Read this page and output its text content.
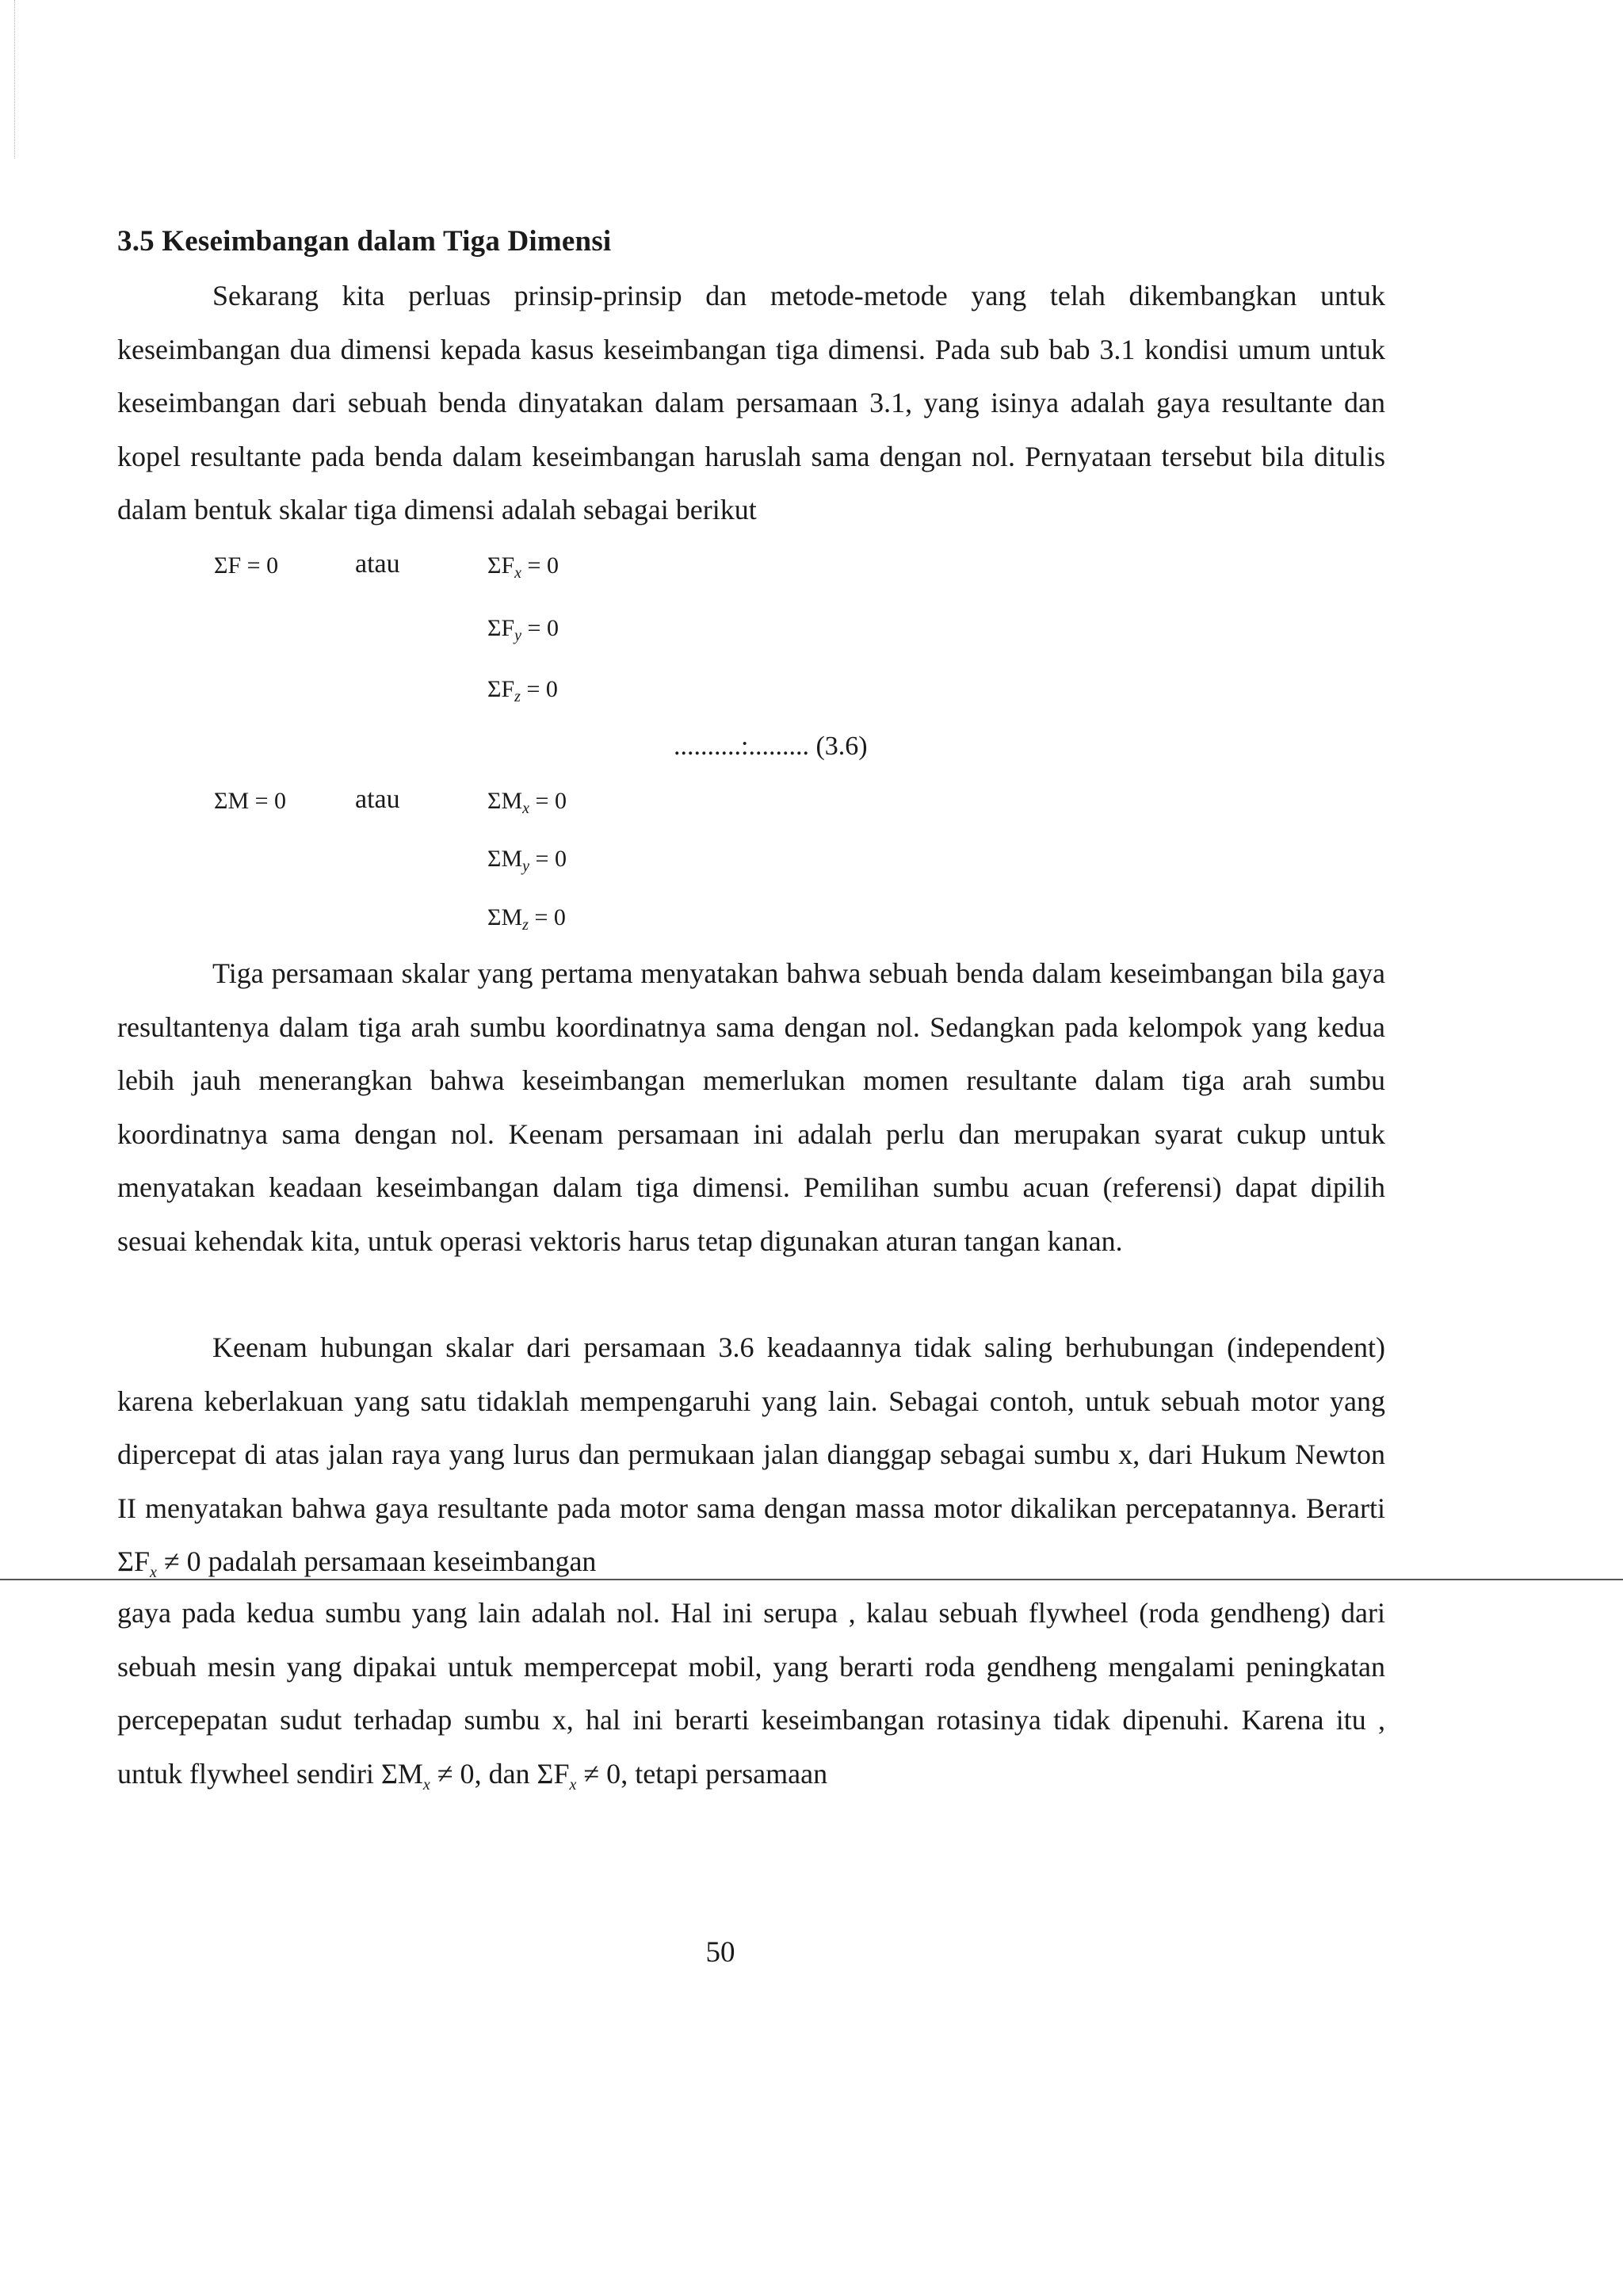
3.5 Keseimbangan dalam Tiga Dimensi

Sekarang kita perluas prinsip-prinsip dan metode-metode yang telah dikembangkan untuk keseimbangan dua dimensi kepada kasus keseimbangan tiga dimensi. Pada sub bab 3.1 kondisi umum untuk keseimbangan dari sebuah benda dinyatakan dalam persamaan 3.1, yang isinya adalah gaya resultante dan kopel resultante pada benda dalam keseimbangan haruslah sama dengan nol. Pernyataan tersebut bila ditulis dalam bentuk skalar tiga dimensi adalah sebagai berikut

ΣF = 0	atau	$\Sigma F_x = 0$
$\Sigma F_y = 0$
$\Sigma F_z = 0$
..........:......... (3.6)
ΣM = 0	atau	$\Sigma M_x = 0$
$\Sigma M_y = 0$
$\Sigma M_z = 0$

Tiga persamaan skalar yang pertama menyatakan bahwa sebuah benda dalam keseimbangan bila gaya resultantenya dalam tiga arah sumbu koordinatnya sama dengan nol. Sedangkan pada kelompok yang kedua lebih jauh menerangkan bahwa keseimbangan memerlukan momen resultante dalam tiga arah sumbu koordinatnya sama dengan nol. Keenam persamaan ini adalah perlu dan merupakan syarat cukup untuk menyatakan keadaan keseimbangan dalam tiga dimensi. Pemilihan sumbu acuan (referensi) dapat dipilih sesuai kehendak kita, untuk operasi vektoris harus tetap digunakan aturan tangan kanan.

Keenam hubungan skalar dari persamaan 3.6 keadaannya tidak saling berhubungan (independent) karena keberlakuan yang satu tidaklah mempengaruhi yang lain. Sebagai contoh, untuk sebuah motor yang dipercepat di atas jalan raya yang lurus dan permukaan jalan dianggap sebagai sumbu x, dari Hukum Newton II menyatakan bahwa gaya resultante pada motor sama dengan massa motor dikalikan percepatannya. Berarti $\Sigma F_x \ne 0$ padalah persamaan keseimbangan

gaya pada kedua sumbu yang lain adalah nol. Hal ini serupa , kalau sebuah flywheel (roda gendheng) dari sebuah mesin yang dipakai untuk mempercepat mobil, yang berarti roda gendheng mengalami peningkatan percepepatan sudut terhadap sumbu x, hal ini berarti keseimbangan rotasinya tidak dipenuhi. Karena itu , untuk flywheel sendiri $\Sigma M_x \ne 0$, dan $\Sigma F_x \ne 0$, tetapi persamaan

50
